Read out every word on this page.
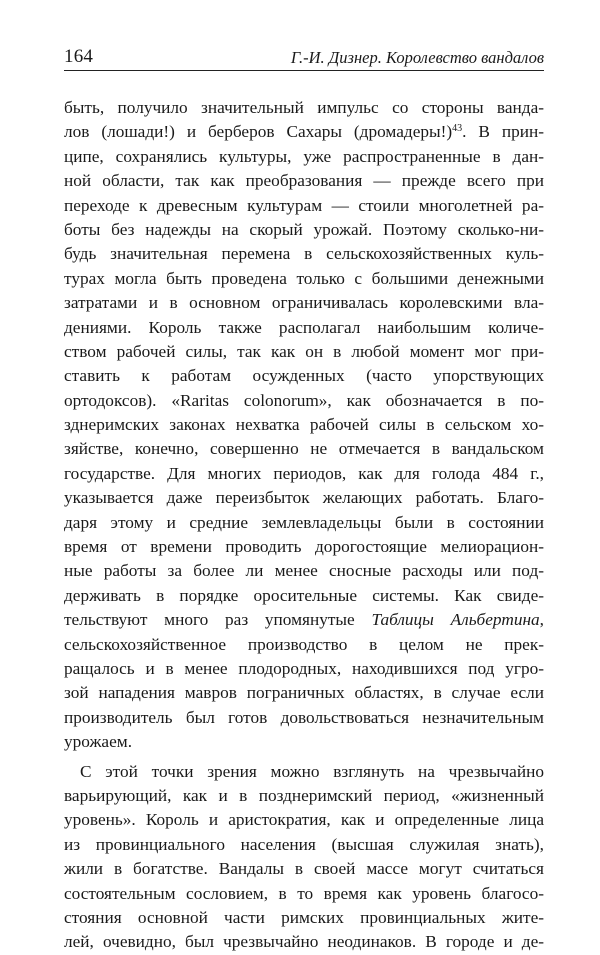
164	Г.-И. Дизнер. Королевство вандалов
быть, получило значительный импульс со стороны ванда-
лов (лошади!) и берберов Сахары (дромадеры!)$^{43}$. В прин-
ципе, сохранялись культуры, уже распространенные в дан-
ной области, так как преобразования — прежде всего при
переходе к древесным культурам — стоили многолетней ра-
боты без надежды на скорый урожай. Поэтому сколько-ни-
будь значительная перемена в сельскохозяйственных куль-
турах могла быть проведена только с большими денежными
затратами и в основном ограничивалась королевскими вла-
дениями. Король также располагал наибольшим количе-
ством рабочей силы, так как он в любой момент мог при-
ставить к работам осужденных (часто упорствующих
ортодоксов). «Raritas colonorum», как обозначается в по-
зднеримских законах нехватка рабочей силы в сельском хо-
зяйстве, конечно, совершенно не отмечается в вандальском
государстве. Для многих периодов, как для голода 484 г.,
указывается даже переизбыток желающих работать. Благо-
даря этому и средние землевладельцы были в состоянии
время от времени проводить дорогостоящие мелиорацион-
ные работы за более ли менее сносные расходы или под-
держивать в порядке оросительные системы. Как свиде-
тельствуют много раз упомянутые Таблицы Альбертина,
сельскохозяйственное производство в целом не прек-
ращалось и в менее плодородных, находившихся под угро-
зой нападения мавров пограничных областях, в случае если
производитель был готов довольствоваться незначительным
урожаем.
С этой точки зрения можно взглянуть на чрезвычайно
варьирующий, как и в позднеримский период, «жизненный
уровень». Король и аристократия, как и определенные лица
из провинциального населения (высшая служилая знать),
жили в богатстве. Вандалы в своей массе могут считаться
состоятельным сословием, в то время как уровень благосо-
стояния основной части римских провинциальных жите-
лей, очевидно, был чрезвычайно неодинаков. В городе и де-
